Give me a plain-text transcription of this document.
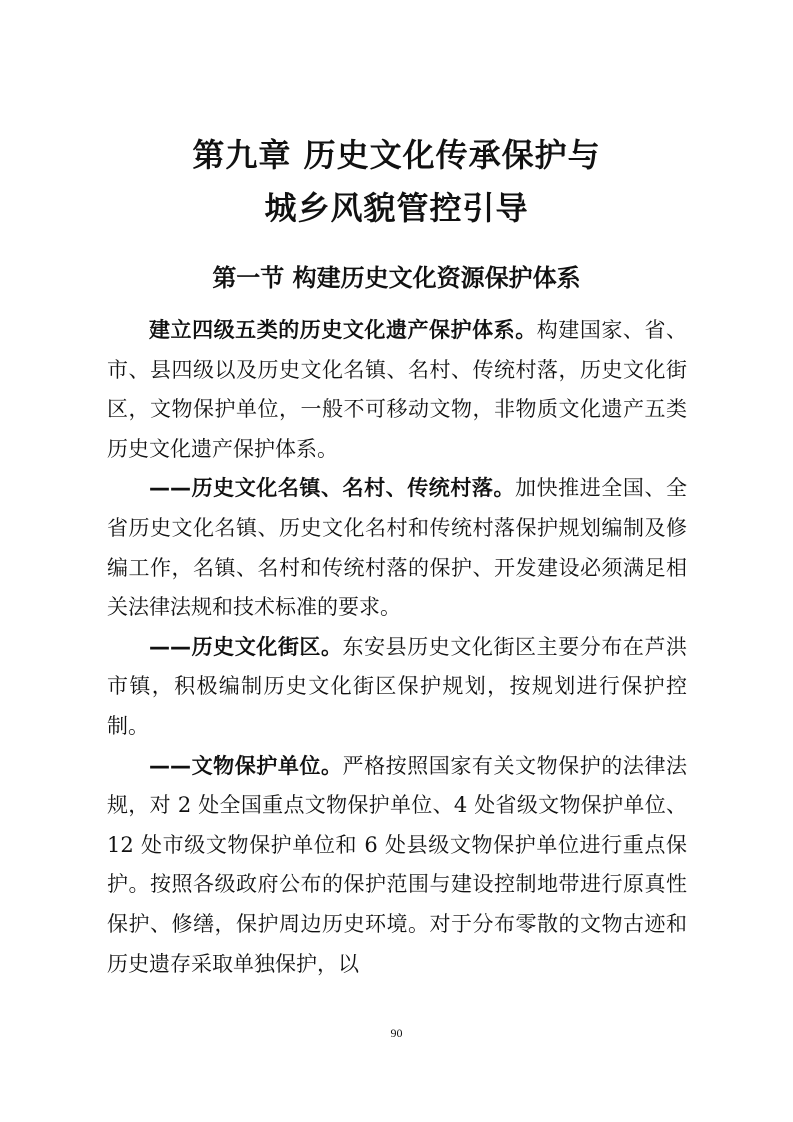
第九章 历史文化传承保护与
城乡风貌管控引导
第一节 构建历史文化资源保护体系

建立四级五类的历史文化遗产保护体系。构建国家、省、市、县四级以及历史文化名镇、名村、传统村落，历史文化街区，文物保护单位，一般不可移动文物，非物质文化遗产五类历史文化遗产保护体系。

——历史文化名镇、名村、传统村落。加快推进全国、全省历史文化名镇、历史文化名村和传统村落保护规划编制及修编工作，名镇、名村和传统村落的保护、开发建设必须满足相关法律法规和技术标准的要求。

——历史文化街区。东安县历史文化街区主要分布在芦洪市镇，积极编制历史文化街区保护规划，按规划进行保护控制。

——文物保护单位。严格按照国家有关文物保护的法律法规，对 2 处全国重点文物保护单位、4 处省级文物保护单位、12 处市级文物保护单位和 6 处县级文物保护单位进行重点保护。按照各级政府公布的保护范围与建设控制地带进行原真性保护、修缮，保护周边历史环境。对于分布零散的文物古迹和历史遗存采取单独保护，以

90
